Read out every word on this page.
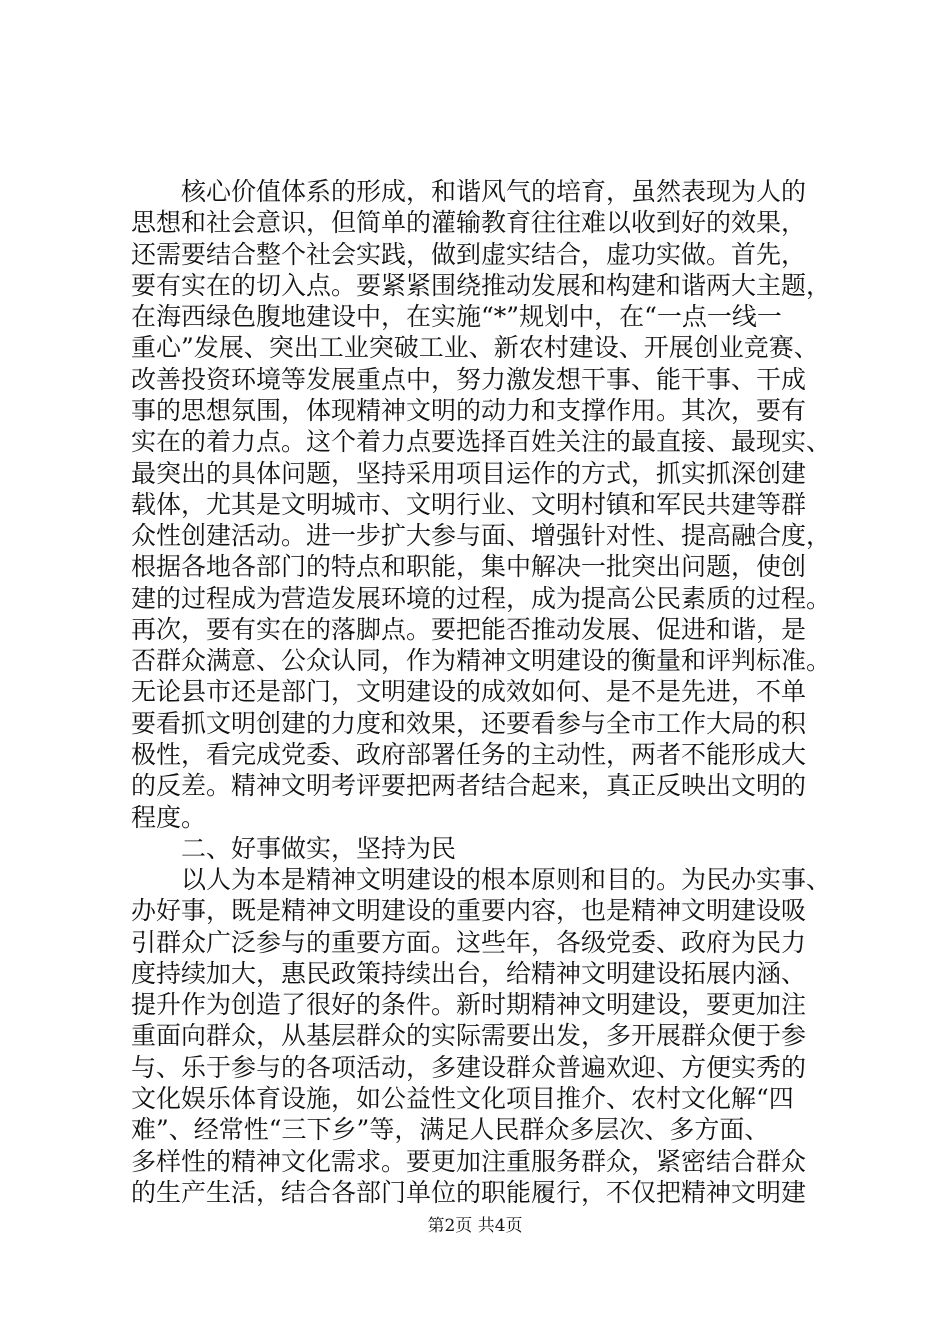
　　核心价值体系的形成，和谐风气的培育，虽然表现为人的
思想和社会意识，但简单的灌输教育往往难以收到好的效果，
还需要结合整个社会实践，做到虚实结合，虚功实做。首先，
要有实在的切入点。要紧紧围绕推动发展和构建和谐两大主题，
在海西绿色腹地建设中，在实施“*”规划中，在“一点一线一
重心”发展、突出工业突破工业、新农村建设、开展创业竞赛、
改善投资环境等发展重点中，努力激发想干事、能干事、干成
事的思想氛围，体现精神文明的动力和支撑作用。其次，要有
实在的着力点。这个着力点要选择百姓关注的最直接、最现实、
最突出的具体问题，坚持采用项目运作的方式，抓实抓深创建
载体，尤其是文明城市、文明行业、文明村镇和军民共建等群
众性创建活动。进一步扩大参与面、增强针对性、提高融合度，
根据各地各部门的特点和职能，集中解决一批突出问题，使创
建的过程成为营造发展环境的过程，成为提高公民素质的过程。
再次，要有实在的落脚点。要把能否推动发展、促进和谐，是
否群众满意、公众认同，作为精神文明建设的衡量和评判标准。
无论县市还是部门，文明建设的成效如何、是不是先进，不单
要看抓文明创建的力度和效果，还要看参与全市工作大局的积
极性，看完成党委、政府部署任务的主动性，两者不能形成大
的反差。精神文明考评要把两者结合起来，真正反映出文明的
程度。
　　二、好事做实，坚持为民
　　以人为本是精神文明建设的根本原则和目的。为民办实事、
办好事，既是精神文明建设的重要内容，也是精神文明建设吸
引群众广泛参与的重要方面。这些年，各级党委、政府为民力
度持续加大，惠民政策持续出台，给精神文明建设拓展内涵、
提升作为创造了很好的条件。新时期精神文明建设，要更加注
重面向群众，从基层群众的实际需要出发，多开展群众便于参
与、乐于参与的各项活动，多建设群众普遍欢迎、方便实秀的
文化娱乐体育设施，如公益性文化项目推介、农村文化解“四
难”、经常性“三下乡”等，满足人民群众多层次、多方面、
多样性的精神文化需求。要更加注重服务群众，紧密结合群众
的生产生活，结合各部门单位的职能履行，不仅把精神文明建
第2页 共4页
